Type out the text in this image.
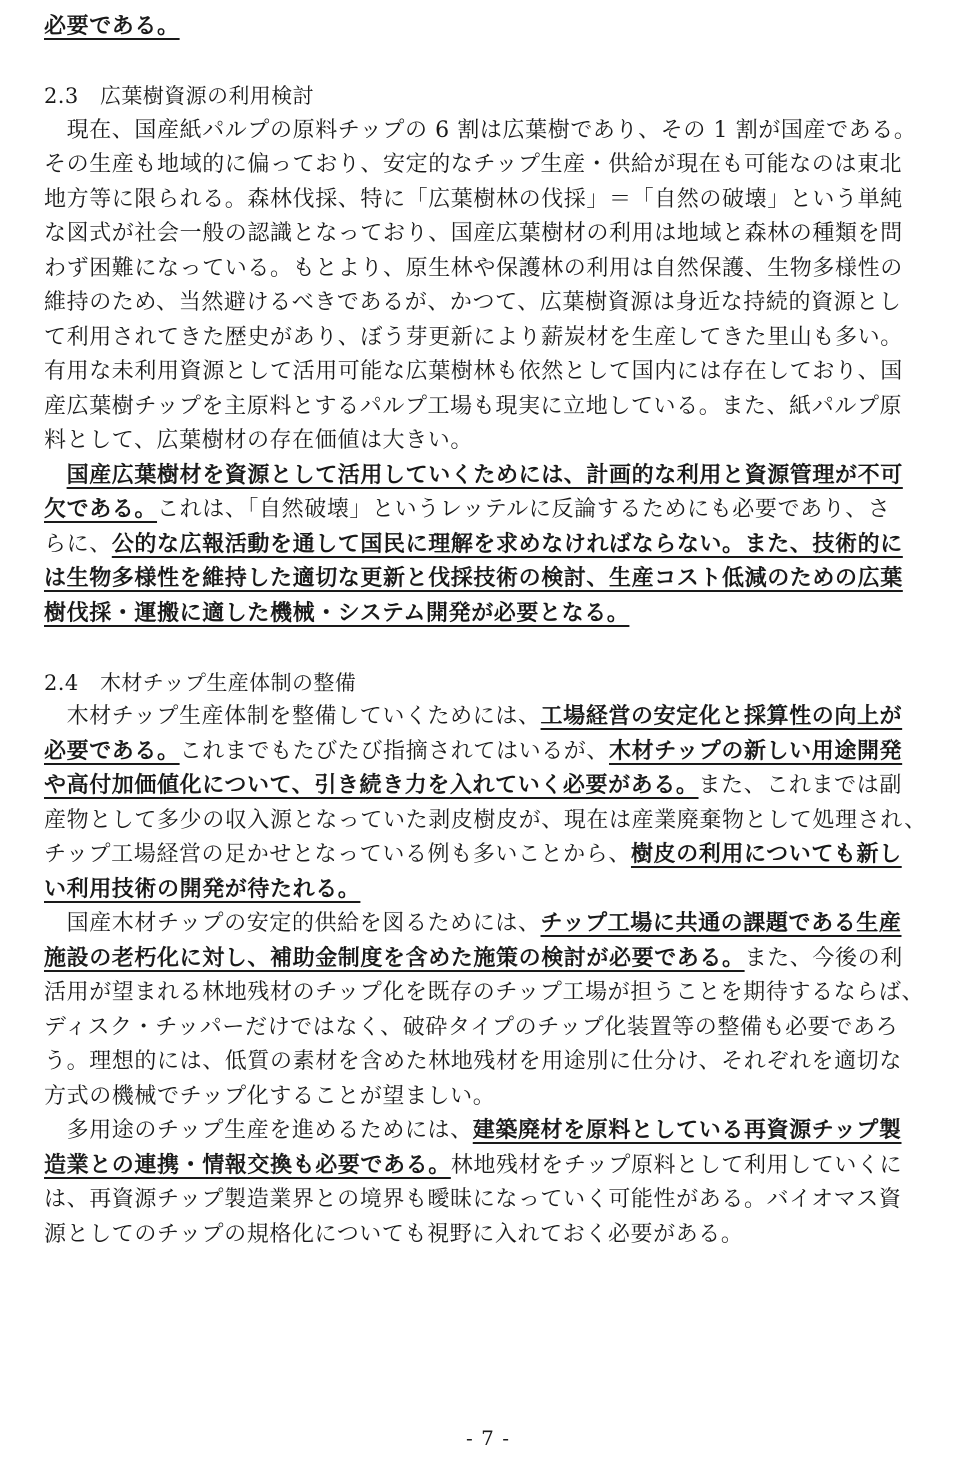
必要である。
2.3　広葉樹資源の利用検討
　現在、国産紙パルプの原料チップの 6 割は広葉樹であり、その 1 割が国産である。
その生産も地域的に偏っており、安定的なチップ生産・供給が現在も可能なのは東北
地方等に限られる。森林伐採、特に「広葉樹林の伐採」＝「自然の破壊」という単純
な図式が社会一般の認識となっており、国産広葉樹材の利用は地域と森林の種類を問
わず困難になっている。もとより、原生林や保護林の利用は自然保護、生物多様性の
維持のため、当然避けるべきであるが、かつて、広葉樹資源は身近な持続的資源とし
て利用されてきた歴史があり、ぼう芽更新により薪炭材を生産してきた里山も多い。
有用な未利用資源として活用可能な広葉樹林も依然として国内には存在しており、国
産広葉樹チップを主原料とするパルプ工場も現実に立地している。また、紙パルプ原
料として、広葉樹材の存在価値は大きい。
　国産広葉樹材を資源として活用していくためには、計画的な利用と資源管理が不可
欠である。これは、「自然破壊」というレッテルに反論するためにも必要であり、さ
らに、公的な広報活動を通して国民に理解を求めなければならない。また、技術的に
は生物多様性を維持した適切な更新と伐採技術の検討、生産コスト低減のための広葉
樹伐採・運搬に適した機械・システム開発が必要となる。
2.4　木材チップ生産体制の整備
　木材チップ生産体制を整備していくためには、工場経営の安定化と採算性の向上が
必要である。これまでもたびたび指摘されてはいるが、木材チップの新しい用途開発
や高付加価値化について、引き続き力を入れていく必要がある。また、これまでは副
産物として多少の収入源となっていた剥皮樹皮が、現在は産業廃棄物として処理され、
チップ工場経営の足かせとなっている例も多いことから、樹皮の利用についても新し
い利用技術の開発が待たれる。
　国産木材チップの安定的供給を図るためには、チップ工場に共通の課題である生産
施設の老朽化に対し、補助金制度を含めた施策の検討が必要である。また、今後の利
活用が望まれる林地残材のチップ化を既存のチップ工場が担うことを期待するならば、
ディスク・チッパーだけではなく、破砕タイプのチップ化装置等の整備も必要であろ
う。理想的には、低質の素材を含めた林地残材を用途別に仕分け、それぞれを適切な
方式の機械でチップ化することが望ましい。
　多用途のチップ生産を進めるためには、建築廃材を原料としている再資源チップ製
造業との連携・情報交換も必要である。林地残材をチップ原料として利用していくに
は、再資源チップ製造業界との境界も曖昧になっていく可能性がある。バイオマス資
源としてのチップの規格化についても視野に入れておく必要がある。
- 7 -
